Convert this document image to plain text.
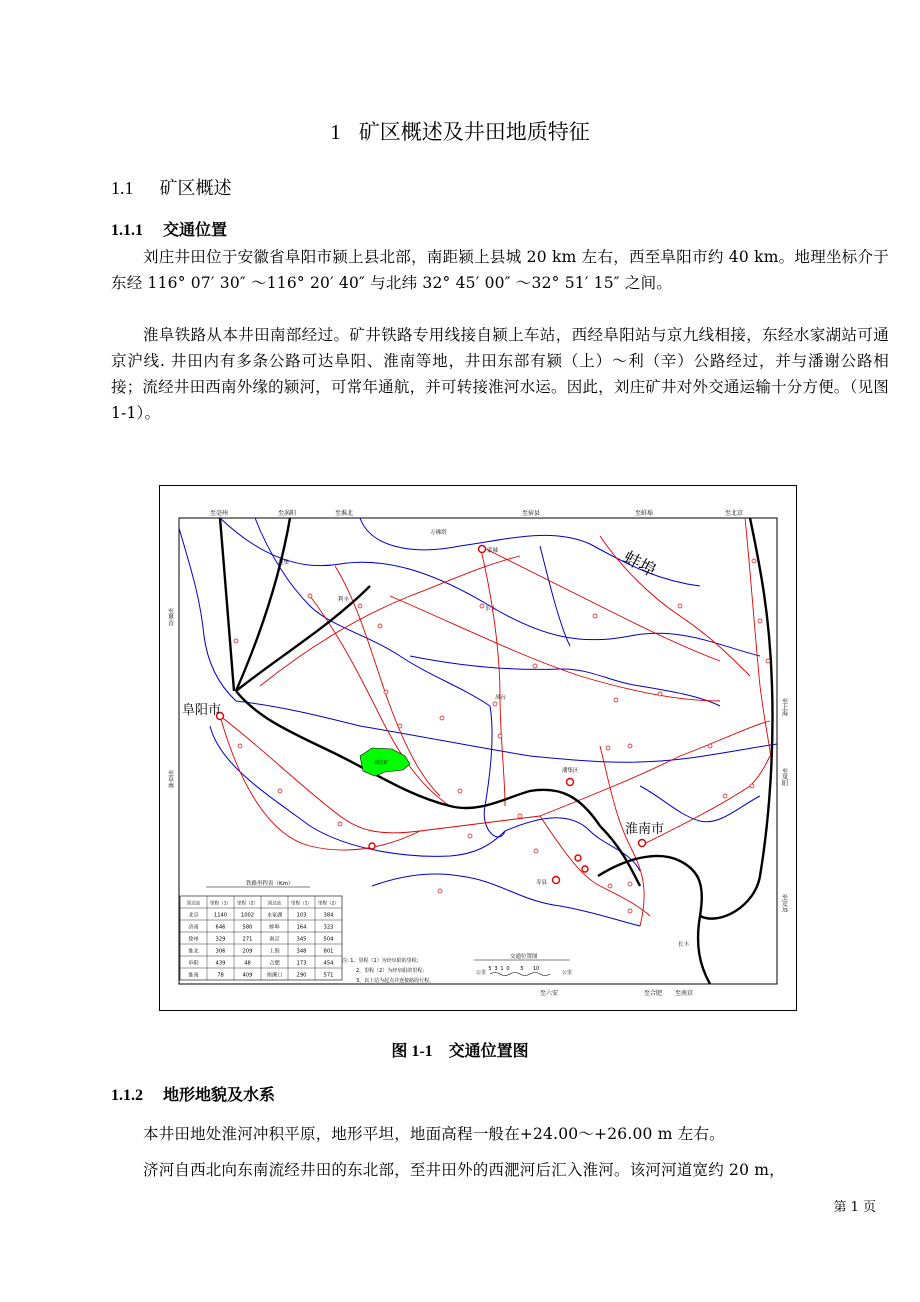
1 矿区概述及井田地质特征
1.1 矿区概述
1.1.1 交通位置

刘庄井田位于安徽省阜阳市颍上县北部，南距颍上县城 20 km 左右，西至阜阳市约 40 km。地理坐标介于东经 116° 07′ 30″ ～116° 20′ 40″ 与北纬 32° 45′ 00″ ～32° 51′ 15″ 之间。

淮阜铁路从本井田南部经过。矿井铁路专用线接自颍上车站，西经阜阳站与京九线相接，东经水家湖站可通京沪线. 井田内有多条公路可达阜阳、淮南等地，井田东部有颍（上）～利（辛）公路经过，并与潘谢公路相接；流经井田西南外缘的颍河，可常年通航，并可转接淮河水运。因此，刘庄矿井对外交通运输十分方便。（见图 1-1）。

至亳州	至涡阳	至淮北	至宿县	至蚌埠	至北京
至六安	至合肥 至南京
至界首
至阜南
至上海
至凤阳
至定远
刘庄矿
阜阳市
淮南市
蚌埠
万佛塔
蒙城
凤台
利辛
乐土
潘集区
寿县
长丰
赵集
铁路里程表（Km）
到达站 里程（1） 里程（2） 到达站 里程（1） 里程（2）
北京	1140	1002 水家湖	103	384
济南	646	580	蚌埠	164	323
徐州	329	271	南京	345	504
淮北	306	209	上海	348	801
阜阳	439	48	合肥	173	454
淮南	78	409	裕溪口	290	571
注: 1、里程（1）为经阜阳的里程;
2、里程（2）为经阜阳的里程;
3、以上站为起点并连接路段行程。
交通位置图
公里	公里
5 3 1 0 5 10
图 1-1 交通位置图
1.1.2 地形地貌及水系

本井田地处淮河冲积平原，地形平坦，地面高程一般在+24.00～+26.00 m 左右。

济河自西北向东南流经井田的东北部，至井田外的西淝河后汇入淮河。该河河道宽约 20 m，

第 1 页
